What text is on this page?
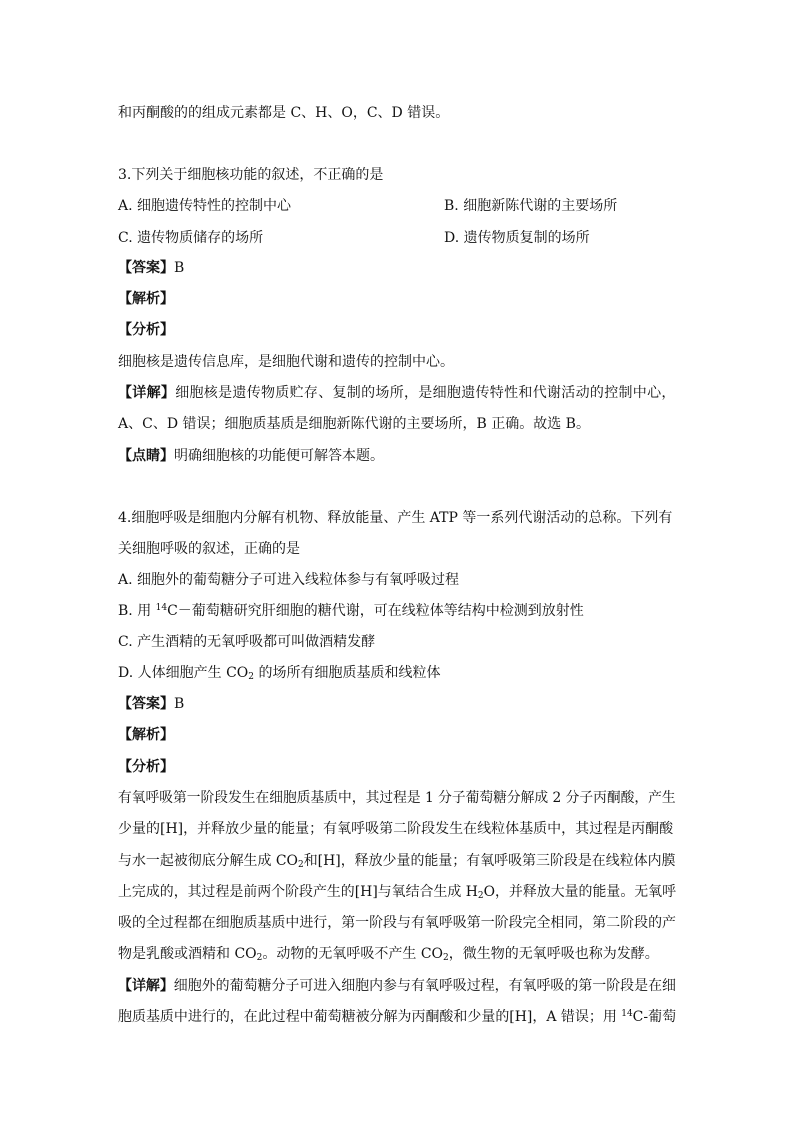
和丙酮酸的的组成元素都是 C、H、O，C、D 错误。
3.下列关于细胞核功能的叙述，不正确的是
A. 细胞遗传特性的控制中心	B. 细胞新陈代谢的主要场所
C. 遗传物质储存的场所	D. 遗传物质复制的场所
【答案】B
【解析】
【分析】
细胞核是遗传信息库，是细胞代谢和遗传的控制中心。
【详解】细胞核是遗传物质贮存、复制的场所，是细胞遗传特性和代谢活动的控制中心，
A、C、D 错误；细胞质基质是细胞新陈代谢的主要场所，B 正确。故选 B。
【点睛】明确细胞核的功能便可解答本题。
4.细胞呼吸是细胞内分解有机物、释放能量、产生 ATP 等一系列代谢活动的总称。下列有
关细胞呼吸的叙述，正确的是
A. 细胞外的葡萄糖分子可进入线粒体参与有氧呼吸过程
B. 用 $^{14}$C－葡萄糖研究肝细胞的糖代谢，可在线粒体等结构中检测到放射性
C. 产生酒精的无氧呼吸都可叫做酒精发酵
D. 人体细胞产生 $CO_2$ 的场所有细胞质基质和线粒体
【答案】B
【解析】
【分析】
有氧呼吸第一阶段发生在细胞质基质中，其过程是 1 分子葡萄糖分解成 2 分子丙酮酸，产生
少量的[H]，并释放少量的能量；有氧呼吸第二阶段发生在线粒体基质中，其过程是丙酮酸
与水一起被彻底分解生成 $CO_2$和[H]，释放少量的能量；有氧呼吸第三阶段是在线粒体内膜
上完成的，其过程是前两个阶段产生的[H]与氧结合生成 $H_2O$，并释放大量的能量。无氧呼
吸的全过程都在细胞质基质中进行，第一阶段与有氧呼吸第一阶段完全相同，第二阶段的产
物是乳酸或酒精和 $CO_2$。动物的无氧呼吸不产生 $CO_2$，微生物的无氧呼吸也称为发酵。
【详解】细胞外的葡萄糖分子可进入细胞内参与有氧呼吸过程，有氧呼吸的第一阶段是在细
胞质基质中进行的，在此过程中葡萄糖被分解为丙酮酸和少量的[H]，A 错误；用 $^{14}$C-葡萄
